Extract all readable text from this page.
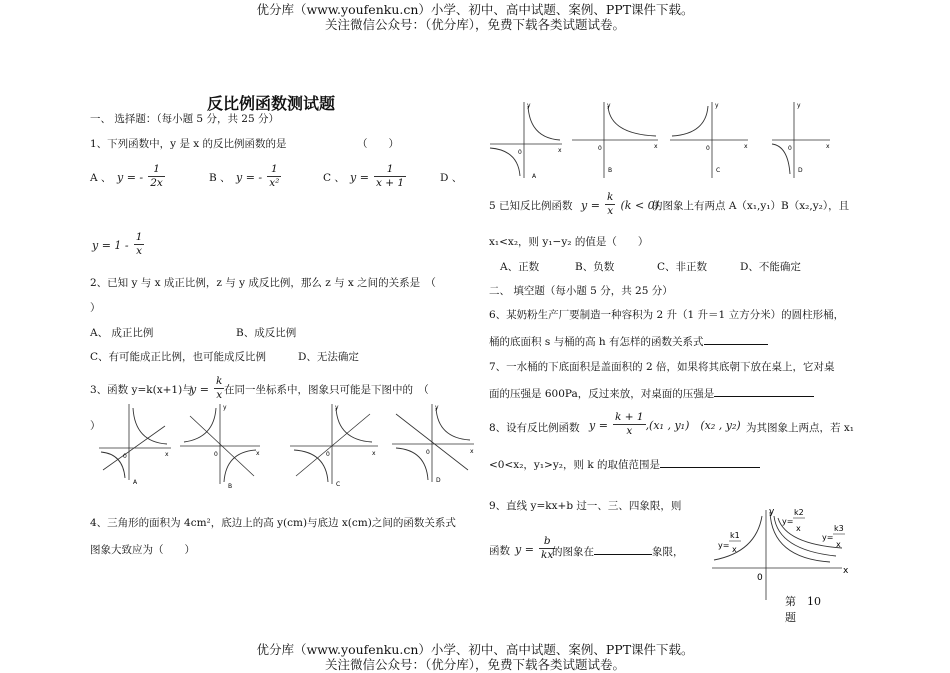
优分库（www.youfenku.cn）小学、初中、高中试题、案例、PPT课件下载。
关注微信公众号：（优分库），免费下载各类试题试卷。
优分库（www.youfenku.cn）小学、初中、高中试题、案例、PPT课件下载。
关注微信公众号：（优分库），免费下载各类试题试卷。
反比例函数测试题
一、 选择题：（每小题 5 分，共 25 分）
1、下列函数中，y 是 x 的反比例函数的是	（　　）
A 、 y = - $\frac{1}{2x}$	B 、 y = - $\frac{1}{\text{x²}}$	C 、 $y = \frac{1}{x + 1}$	D 、
$y = 1 - \frac{1}{x}$
2、已知 y 与 x 成正比例，z 与 y 成反比例，那么 z 与 x 之间的关系是　（
）
A、 成正比例	B、成反比例
C、有可能成正比例，也可能成反比例	D、无法确定
3、函数 y=k(x+1)与
$y = \frac{k}{x}$ 在同一坐标系中，图象只可能是下图中的　（
）
0	x
A
0	x
y
B
0	x
y
C
0	x
y
D
4、三角形的面积为 4cm²，底边上的高 y(cm)与底边 x(cm)之间的函数关系式
图象大致应为（　　）
0	x
y
A
0	x
y
B
0	x
y
C
0	x
y
D
5 已知反比例函数 $y = \frac{k}{x} (k < 0)$
的图象上有两点 A（x₁,y₁）B（x₂,y₂），且
x₁<x₂，则 y₁−y₂ 的值是（　　）
A、正数	B、负数	C、非正数	D、不能确定
二、 填空题（每小题 5 分，共 25 分）
6、某奶粉生产厂要制造一种容积为 2 升（1 升＝1 立方分米）的圆柱形桶，
桶的底面积 s 与桶的高 h 有怎样的函数关系式
7、一水桶的下底面积是盖面积的 2 倍，如果将其底朝下放在桌上，它对桌
面的压强是 600Pa，反过来放，对桌面的压强是
8、设有反比例函数 $y = \frac{k + 1}{x} ,(x_1$ , y₁)　(x₂ , y₂) 为其图象上两点，若 x₁
<0<x₂，y₁>y₂，则 k 的取值范围是
9、直线 y=kx+b 过一、三、四象限，则
函数 $y = \frac{b}{kx}$
的图象在	象限，
y
x
0
y=
k1
x
y=
k2
x
y=
k3
x
第　10
题
